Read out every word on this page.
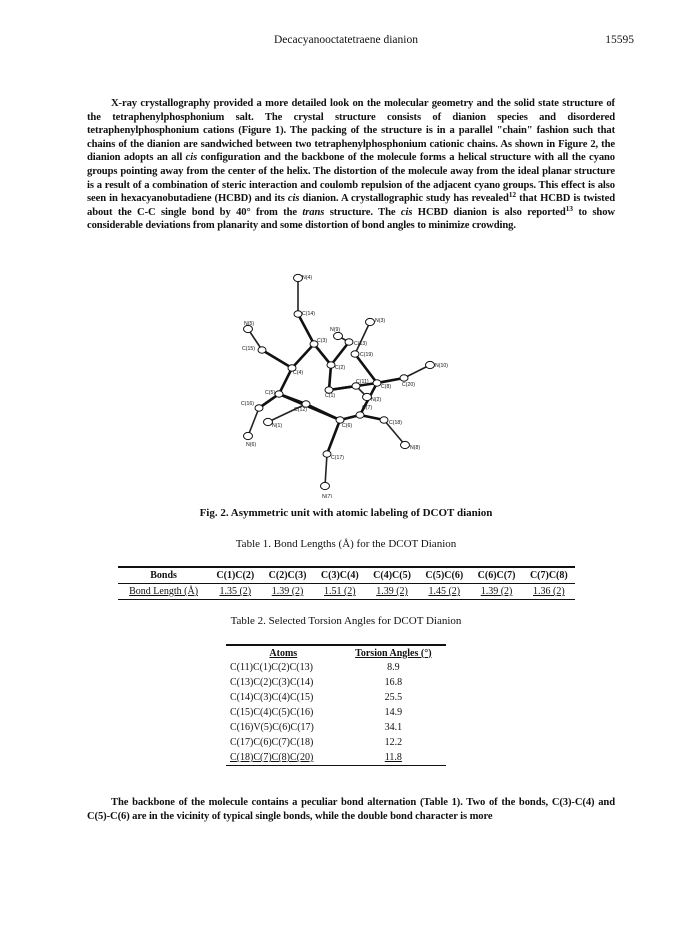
Decacyanooctatetraene dianion	15595

X-ray crystallography provided a more detailed look on the molecular geometry and the solid state structure of the tetraphenylphosphonium salt. The crystal structure consists of dianion species and disordered tetraphenylphosphonium cations (Figure 1). The packing of the structure is in a parallel "chain" fashion such that chains of the dianion are sandwiched between two tetraphenylphosphonium cationic chains. As shown in Figure 2, the dianion adopts an all cis configuration and the backbone of the molecule forms a helical structure with all the cyano groups pointing away from the center of the helix. The distortion of the molecule away from the ideal planar structure is a result of a combination of steric interaction and coulomb repulsion of the adjacent cyano groups. This effect is also seen in hexacyanobutadiene (HCBD) and its cis dianion. A crystallographic study has revealed$^{12}$ that HCBD is twisted about the C-C single bond by 40° from the trans structure. The cis HCBD dianion is also reported$^{13}$ to show considerable deviations from planarity and some distortion of bond angles to minimize crowding.

N(4)
C(14)
N(3)
N(5)
N(9)
C(13)
C(3)
C(15)
C(19)
N(10)
C(4)
C(2)
C(20)
C(11)
C(8)
C(5)	C(1)
N(2)
C(16)
C(12)	C(7)
N(1)	C(6)	C(18)
N(6)	N(8)
C(17)
N(7)
Fig. 2. Asymmetric unit with atomic labeling of DCOT dianion
Table 1. Bond Lengths (Å) for the DCOT Dianion
Bonds	C(1)C(2)	C(2)C(3)	C(3)C(4)	C(4)C(5)	C(5)C(6)	C(6)C(7)	C(7)C(8)
Bond Length (Å)	1.35 (2)	1.39 (2)	1.51 (2)	1.39 (2)	1.45 (2)	1.39 (2)	1.36 (2)
Table 2. Selected Torsion Angles for DCOT Dianion
Atoms	Torsion Angles (°)
C(11)C(1)C(2)C(13)	8.9
C(13)C(2)C(3)C(14)	16.8
C(14)C(3)C(4)C(15)	25.5
C(15)C(4)C(5)C(16)	14.9
C(16)V(5)C(6)C(17)	34.1
C(17)C(6)C(7)C(18)	12.2
C(18)C(7)C(8)C(20)	11.8

The backbone of the molecule contains a peculiar bond alternation (Table 1). Two of the bonds, C(3)-C(4) and C(5)-C(6) are in the vicinity of typical single bonds, while the double bond character is more
